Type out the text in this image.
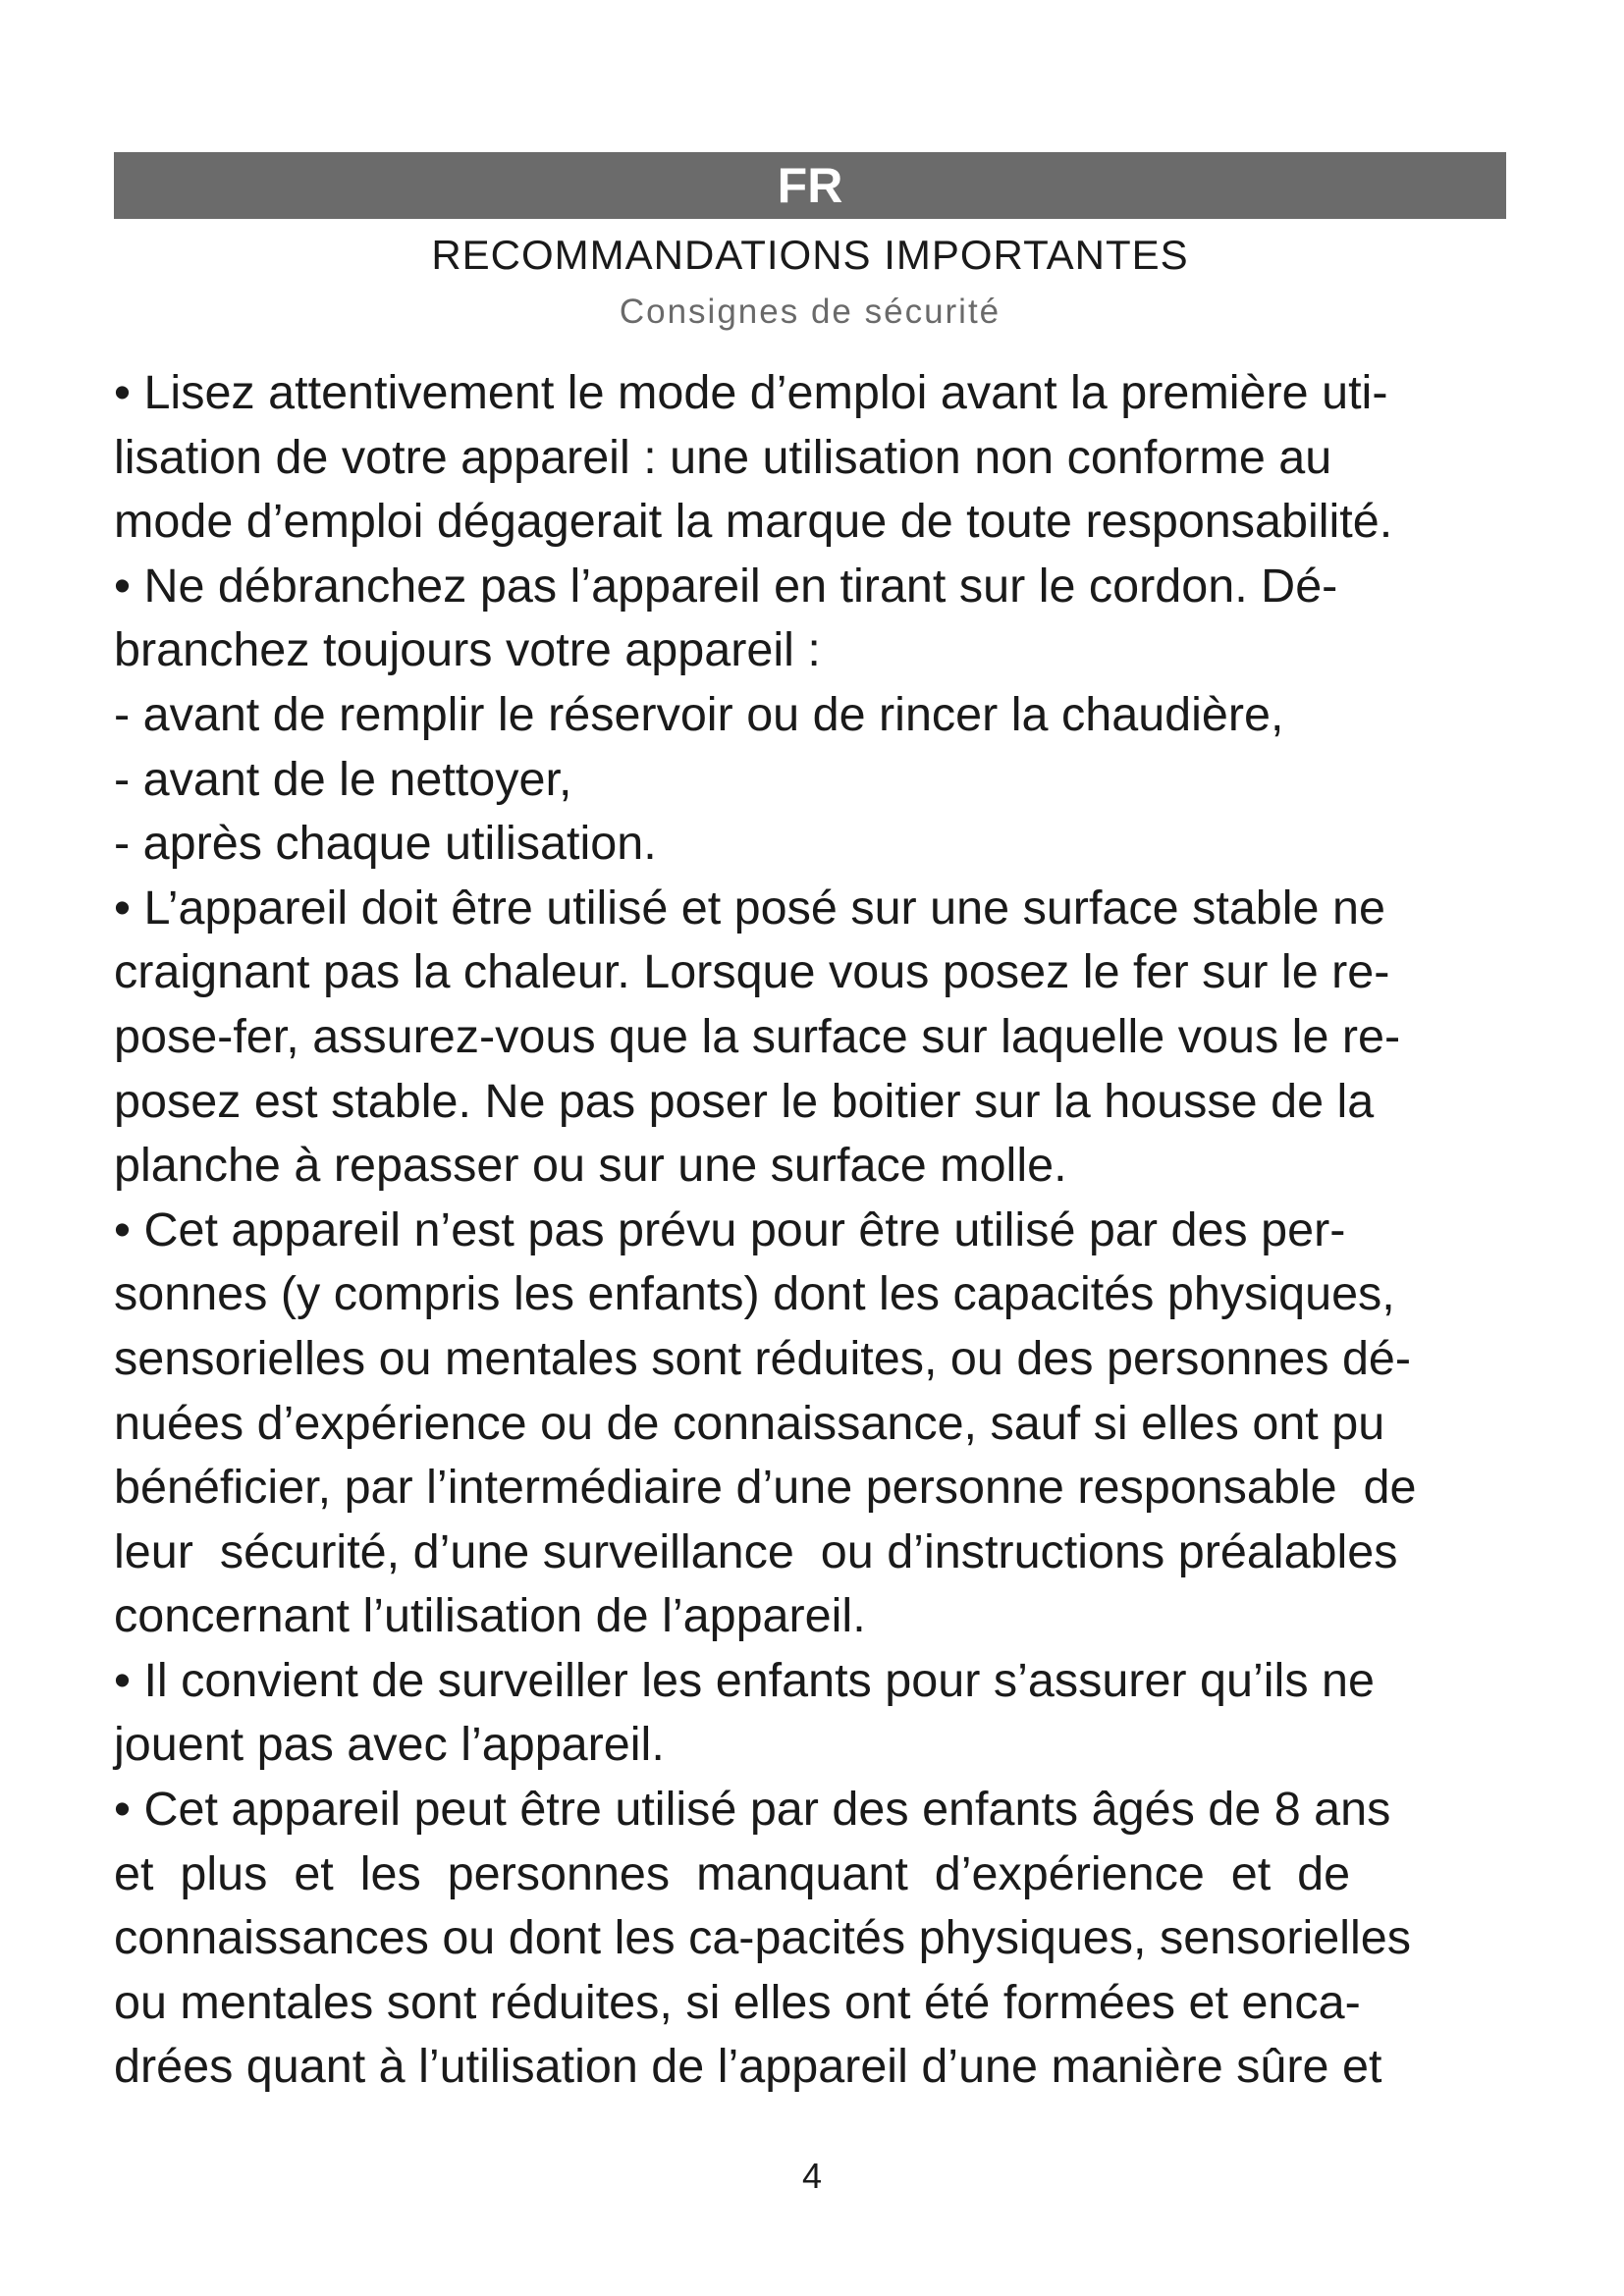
FR
RECOMMANDATIONS IMPORTANTES
Consignes de sécurité
• Lisez attentivement le mode d’emploi avant la première uti-
lisation de votre appareil : une utilisation non conforme au
mode d’emploi dégagerait la marque de toute responsabilité.
• Ne débranchez pas l’appareil en tirant sur le cordon. Dé-
branchez toujours votre appareil :
- avant de remplir le réservoir ou de rincer la chaudière,
- avant de le nettoyer,
- après chaque utilisation.
• L’appareil doit être utilisé et posé sur une surface stable ne
craignant pas la chaleur. Lorsque vous posez le fer sur le re-
pose-fer, assurez-vous que la surface sur laquelle vous le re-
posez est stable. Ne pas poser le boitier sur la housse de la
planche à repasser ou sur une surface molle.
• Cet appareil n’est pas prévu pour être utilisé par des per-
sonnes (y compris les enfants) dont les capacités physiques,
sensorielles ou mentales sont réduites, ou des personnes dé-
nuées d’expérience ou de connaissance, sauf si elles ont pu
bénéficier, par l’intermédiaire d’une personne responsable  de
leur  sécurité, d’une surveillance  ou d’instructions préalables
concernant l’utilisation de l’appareil.
• Il convient de surveiller les enfants pour s’assurer qu’ils ne
jouent pas avec l’appareil.
• Cet appareil peut être utilisé par des enfants âgés de 8 ans
et  plus  et  les  personnes  manquant  d’expérience  et  de
connaissances ou dont les ca-pacités physiques, sensorielles
ou mentales sont réduites, si elles ont été formées et enca-
drées quant à l’utilisation de l’appareil d’une manière sûre et
4
